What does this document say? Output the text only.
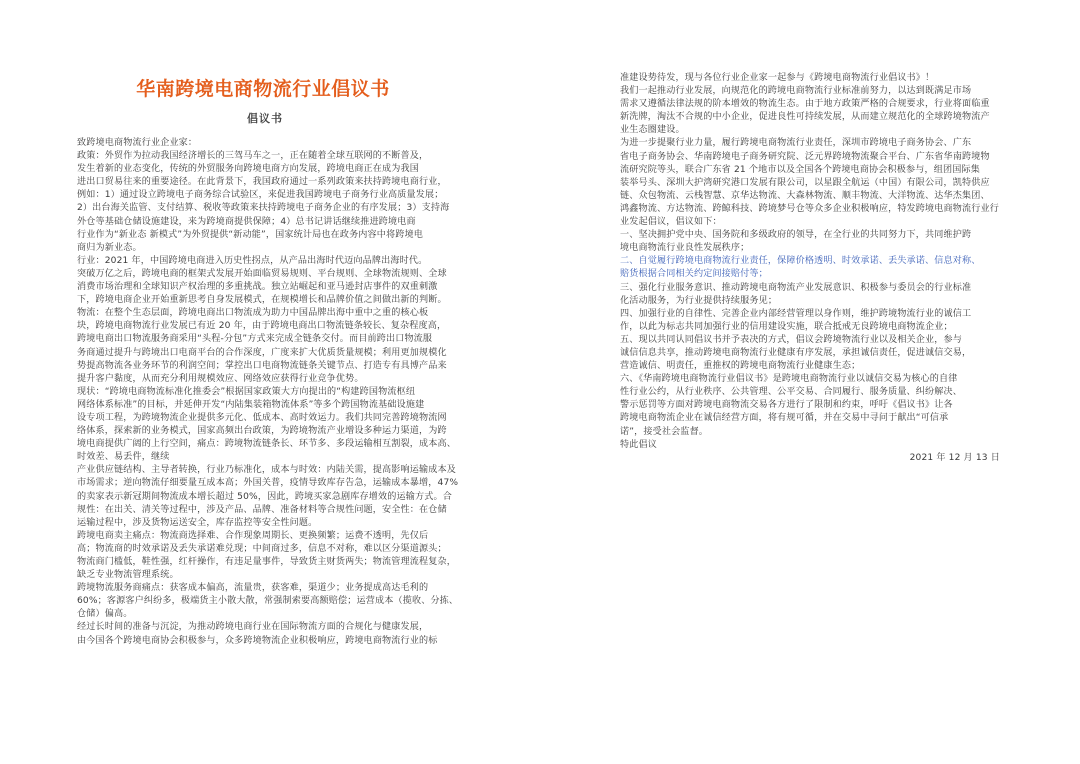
华南跨境电商物流行业倡议书
倡议书
致跨境电商物流行业企业家：
政策：外贸作为拉动我国经济增长的三驾马车之一，正在随着全球互联网的不断普及，
发生着新的业态变化，传统的外贸服务向跨境电商方向发展，跨境电商正在成为我国
进出口贸易往来的重要途径。在此背景下，我国政府通过一系列政策来扶持跨境电商行业，
例如：1）通过设立跨境电子商务综合试验区，来促进我国跨境电子商务行业高质量发展；
2）出台海关监管、支付结算、税收等政策来扶持跨境电子商务企业的有序发展；3）支持海
外仓等基础仓储设施建设，来为跨境商提供保障；4）总书记讲话继续推进跨境电商
行业作为“新业态 新模式”为外贸提供“新动能”，国家统计局也在政务内容中将跨境电
商归为新业态。
行业：2021 年，中国跨境电商进入历史性拐点，从产品出海时代迈向品牌出海时代。
突破万亿之后，跨境电商的框架式发展开始面临贸易规则、平台规则、全球物流规则、全球
消费市场治理和全球知识产权治理的多重挑战。独立站崛起和亚马逊封店事件的双重刺激
下，跨境电商企业开始重新思考自身发展模式，在规模增长和品牌价值之间做出新的判断。
物流：在整个生态层面，跨境电商出口物流成为助力中国品牌出海中重中之重的核心板
块，跨境电商物流行业发展已有近 20 年，由于跨境电商出口物流链条较长、复杂程度高，
跨境电商出口物流服务商采用“头程-分包”方式来完成全链条交付。而目前跨出口物流服
务商通过提升与跨境出口电商平台的合作深度，广度来扩大优质货量规模；利用更加规模化
势提高物流各业务环节的利润空间；掌控出口电商物流链条关键节点、打造专有具博产品来
提升客户黏度，从而充分利用规模效应、网络效应获得行业竞争优势。
现状：“跨境电商物流标准化推委会”根据国家政策大方向提出的“构建跨国物流枢纽
网络体系标准”的目标，并延伸开发“内陆集装箱物流体系”等多个跨国物流基础设施建
设专项工程，为跨境物流企业提供多元化、低成本、高时效运力。我们共同完善跨境物流网
络体系，探索新的业务模式，国家高频出台政策，为跨境物流产业增设多种运力渠道，为跨
境电商提供广阔的上行空间，痛点：跨境物流链条长、环节多、多段运输相互割裂，成本高、
时效差、易丢件，继续
产业供应链结构、主导者转换，行业乃标准化，成本与时效：内陆关需，提高影响运输成本及
市场需求；逆向物流仔细要量互成本高；外国关普，疫情导致库存告急，运输成本暴增，47%
的卖家表示新冠期间物流成本增长超过 50%，因此，跨境买家急剧库存增效的运输方式。合
规性：在出关、清关等过程中，涉及产品、品牌、准备材料等合规性问题，安全性：在仓储
运输过程中，涉及货物运送安全，库存监控等安全性问题。
跨境电商卖主痛点：物流商选择难、合作现象周期长、更换频繁；运费不透明，先仅后
高；物流商的时效承诺及丢失承诺难兑现；中间商过多，信息不对称，难以区分渠道源头；
物流商门槛低，鞋性强，红杆操作，有违足量事件，导致货主财货两失；物流管理流程复杂，
缺乏专业物流管理系统。
跨境物流服务商痛点：获客成本偏高，流量贵，获客难，渠道少；业务提成高达毛利的
60%；客源客户纠纷多，极端货主小散大散，常强制索要高额赔偿；运营成本（揽收、分拣、
仓储）偏高。
经过长时间的准备与沉淀，为推动跨境电商行业在国际物流方面的合规化与健康发展，
由今国各个跨境电商协会积极参与，众多跨境物流企业积极响应，跨境电商物流行业的标
准建设势待发，现与各位行业企业家一起参与《跨境电商物流行业倡议书》！
我们一起推动行业发展，向规范化的跨境电商物流行业标准前努力，以达到既满足市场
需求又遵循法律法规的阶本增效的物流生态。由于地方政策严格的合规要求，行业将面临重
新洗牌，淘汰不合规的中小企业，促进良性可持续发展，从而建立规范化的全球跨境物流产
业生态圈建设。
为进一步提聚行业力量，履行跨境电商物流行业责任，深圳市跨境电子商务协会、广东
省电子商务协会、华南跨境电子商务研究院、泛元界跨境物流聚合平台、广东省华南跨境物
流研究院等头，联合广东省 21 个地市以及全国各个跨境电商协会积极参与，组团国际集
装举号头、深圳大护湾研究港口发展有限公司，以星跟全航运（中国）有限公司，凯特供应
链、众包物流、云栈智慧、京华达物流、大森林物流、顺丰物流、大洋物流、达华杰集团、
鸿鑫物流、方达物流、跨鲸科技、跨境梦号仓等众多企业积极响应，特发跨境电商物流行业行
业发起倡议，倡议如下：
一、坚决拥护党中央、国务院和多级政府的领导，在全行业的共同努力下，共同维护跨
境电商物流行业良性发展秩序；
二、自觉履行跨境电商物流行业责任，保障价格透明、时效承诺、丢失承诺、信息对称、
赔货根据合同相关约定间接赔付等；
三、强化行业服务意识、推动跨境电商物流产业发展意识、积极参与委员会的行业标准
化活动服务，为行业提供持续服务见；
四、加强行业的自律性、完善企业内部经营管理以身作则，维护跨境物流行业的诚信工
作，以此为标志共同加强行业的信用建设实施，联合抵戒无良跨境电商物流企业；
五、现以共同认同倡议书并予表决的方式，倡议会跨境物流行业以及相关企业，参与
诚信信息共享，推动跨境电商物流行业健康有序发展，承担诚信责任，促进诚信交易，
营造诚信、明责任，重推权的跨境电商物流行业健康生态；
六、《华南跨境电商物流行业倡议书》是跨境电商物流行业以诚信交易为核心的自律
性行业公约，从行业秩序、公共管理、公平交易、合同履行、服务质量、纠纷解决、
警示惩罚等方面对跨境电商物流交易各方进行了限制和约束，呼吁《倡议书》让各
跨境电商物流企业在诚信经营方面，将有规可循，并在交易中寻问于献出“可信承
诺”，接受社会监督。
特此倡议
2021 年 12 月 13 日
